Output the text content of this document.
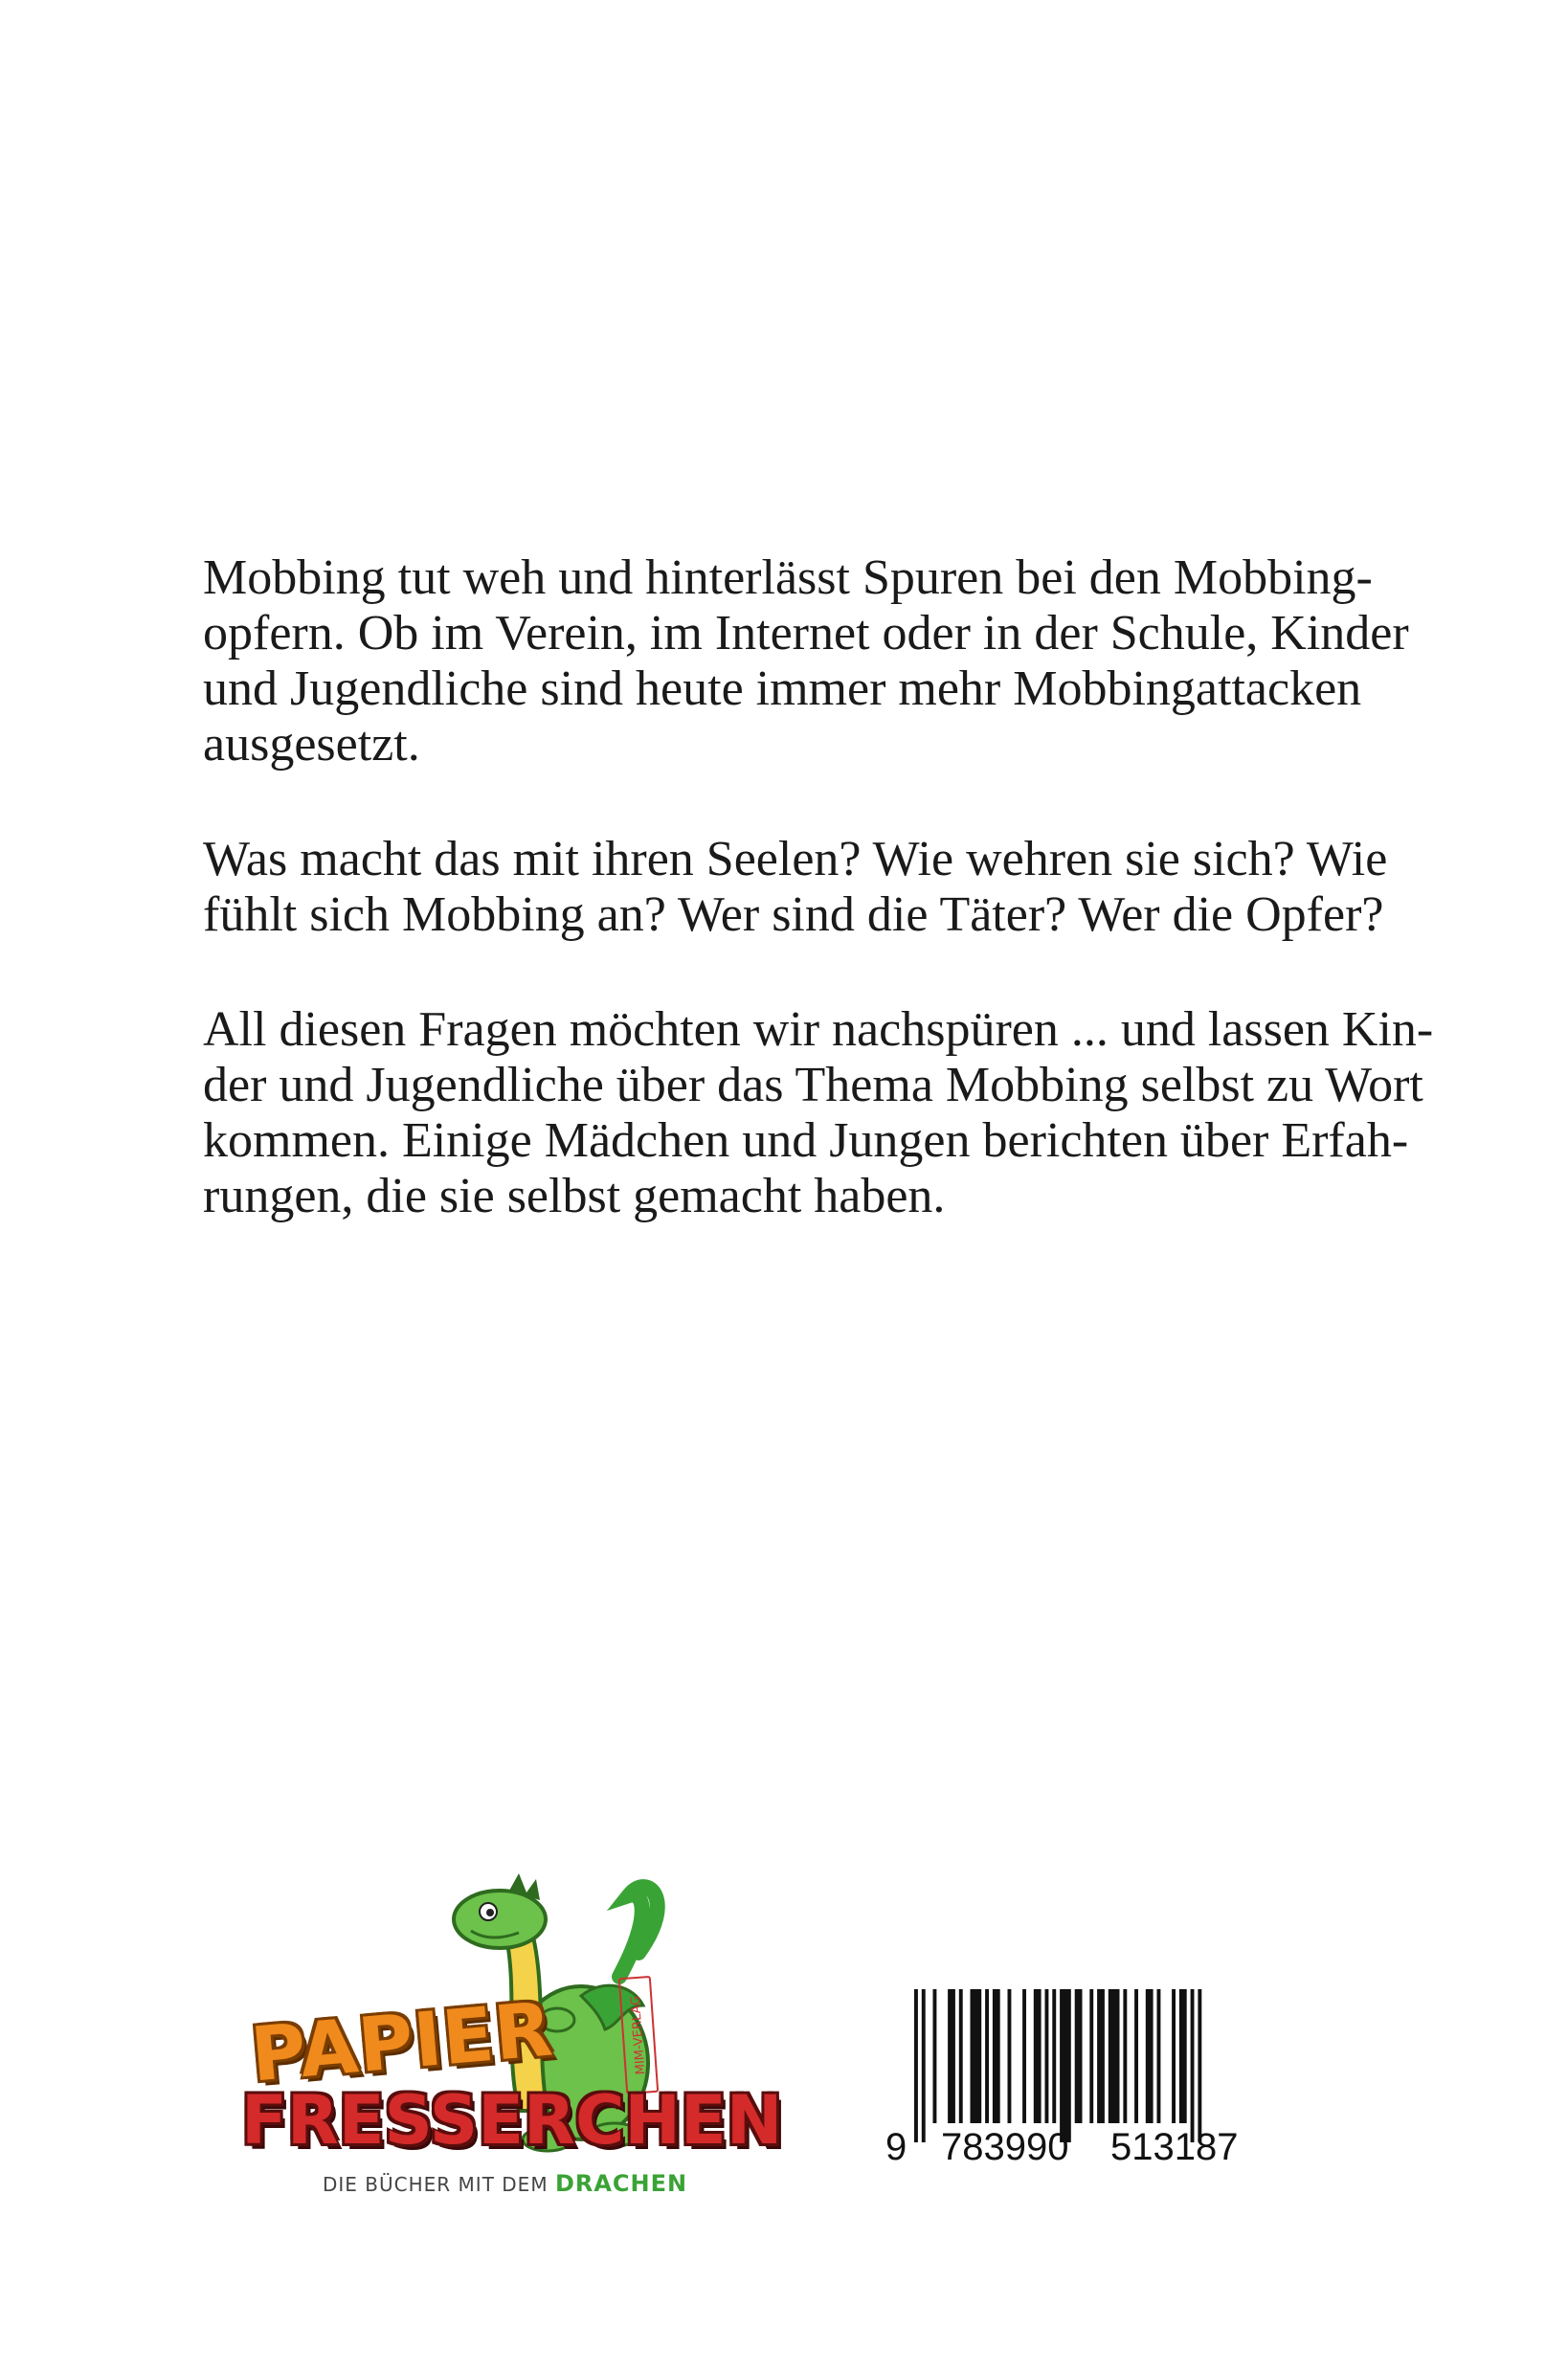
Mobbing tut weh und hinterlässt Spuren bei den Mobbing-
opfern. Ob im Verein, im Internet oder in der Schule, Kinder
und Jugendliche sind heute immer mehr Mobbingattacken
ausgesetzt.

Was macht das mit ihren Seelen? Wie wehren sie sich? Wie
fühlt sich Mobbing an? Wer sind die Täter? Wer die Opfer?

All diesen Fragen möchten wir nachspüren ... und lassen Kin-
der und Jugendliche über das Thema Mobbing selbst zu Wort
kommen. Einige Mädchen und Jungen berichten über Erfah-
rungen, die sie selbst gemacht haben.

MIM-VERLAG
PAPIER
FRESSERCHEN
DIE BÜCHER MIT DEM DRACHEN
9 783990 513187
